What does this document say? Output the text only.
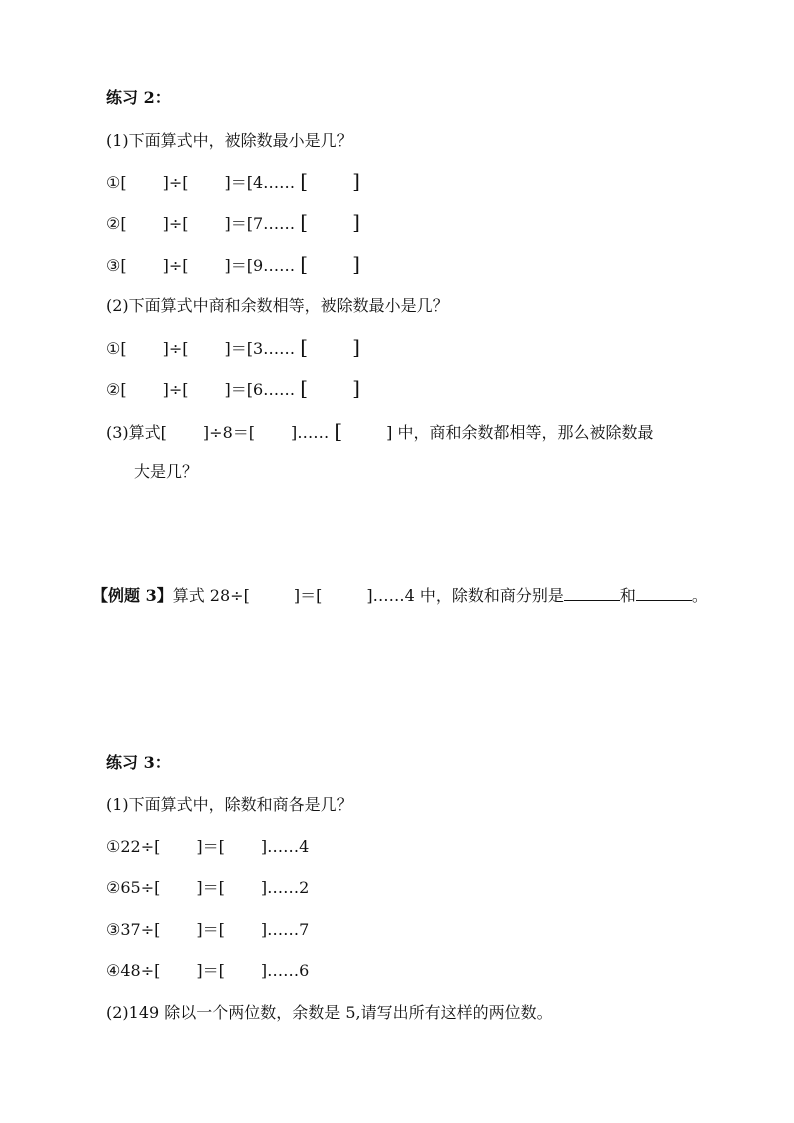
练习 2：
(1)下面算式中，被除数最小是几？
①[ ]÷[ ]＝[4…… [ ]
②[ ]÷[ ]＝[7…… [ ]
③[ ]÷[ ]＝[9…… [ ]
(2)下面算式中商和余数相等，被除数最小是几？
①[ ]÷[ ]＝[3…… [ ]
②[ ]÷[ ]＝[6…… [ ]
(3)算式[ ]÷8＝[ ]…… [	] 中，商和余数都相等，那么被除数最
大是几？
【例题 3】算式 28÷[	]＝[	]……4 中，除数和商分别是	和	。
练习 3：
(1)下面算式中，除数和商各是几？
①22÷[ ]＝[ ]……4
②65÷[ ]＝[ ]……2
③37÷[ ]＝[ ]……7
④48÷[ ]＝[ ]……6
(2)149 除以一个两位数，余数是 5,请写出所有这样的两位数。
